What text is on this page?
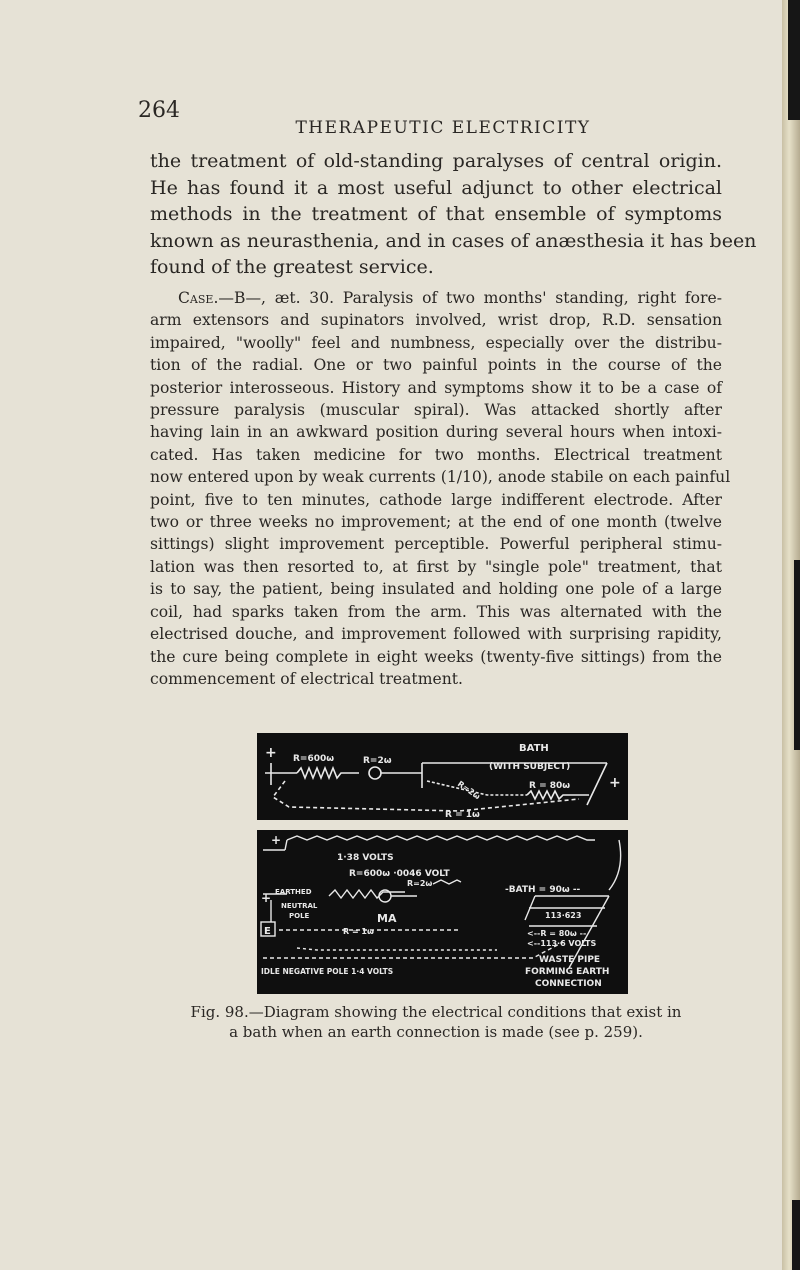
264
THERAPEUTIC ELECTRICITY

the treatment of old-standing paralyses of central origin.
He has found it a most useful adjunct to other electrical
methods in the treatment of that ensemble of symptoms
known as neurasthenia, and in cases of anæsthesia it has been
found of the greatest service.

Case.—B—, æt. 30. Paralysis of two months' standing, right fore-
arm extensors and supinators involved, wrist drop, R.D. sensation
impaired, "woolly" feel and numbness, especially over the distribu-
tion of the radial. One or two painful points in the course of the
posterior interosseous. History and symptoms show it to be a case of
pressure paralysis (muscular spiral). Was attacked shortly after
having lain in an awkward position during several hours when intoxi-
cated. Has taken medicine for two months. Electrical treatment
now entered upon by weak currents (1/10), anode stabile on each painful
point, five to ten minutes, cathode large indifferent electrode. After
two or three weeks no improvement; at the end of one month (twelve
sittings) slight improvement perceptible. Powerful peripheral stimu-
lation was then resorted to, at first by "single pole" treatment, that
is to say, the patient, being insulated and holding one pole of a large
coil, had sparks taken from the arm. This was alternated with the
electrised douche, and improvement followed with surprising rapidity,
the cure being complete in eight weeks (twenty-five sittings) from the
commencement of electrical treatment.

+
+
R=600ω	R=2ω
BATH
(WITH SUBJECT)
R = 80ω
R = 1ω
R=2ω
+
+
1·38 VOLTS
R=600ω ·0046 VOLT
EARTHED
R=2ω
-BATH = 90ω --
NEUTRAL
POLE	MA	113·623
<--R = 80ω --
<--113·6 VOLTS
E	R = 1ω
WASTE PIPE
FORMING EARTH
CONNECTION
IDLE NEGATIVE POLE 1·4 VOLTS

Fig. 98.—Diagram showing the electrical conditions that exist in
a bath when an earth connection is made (see p. 259).
